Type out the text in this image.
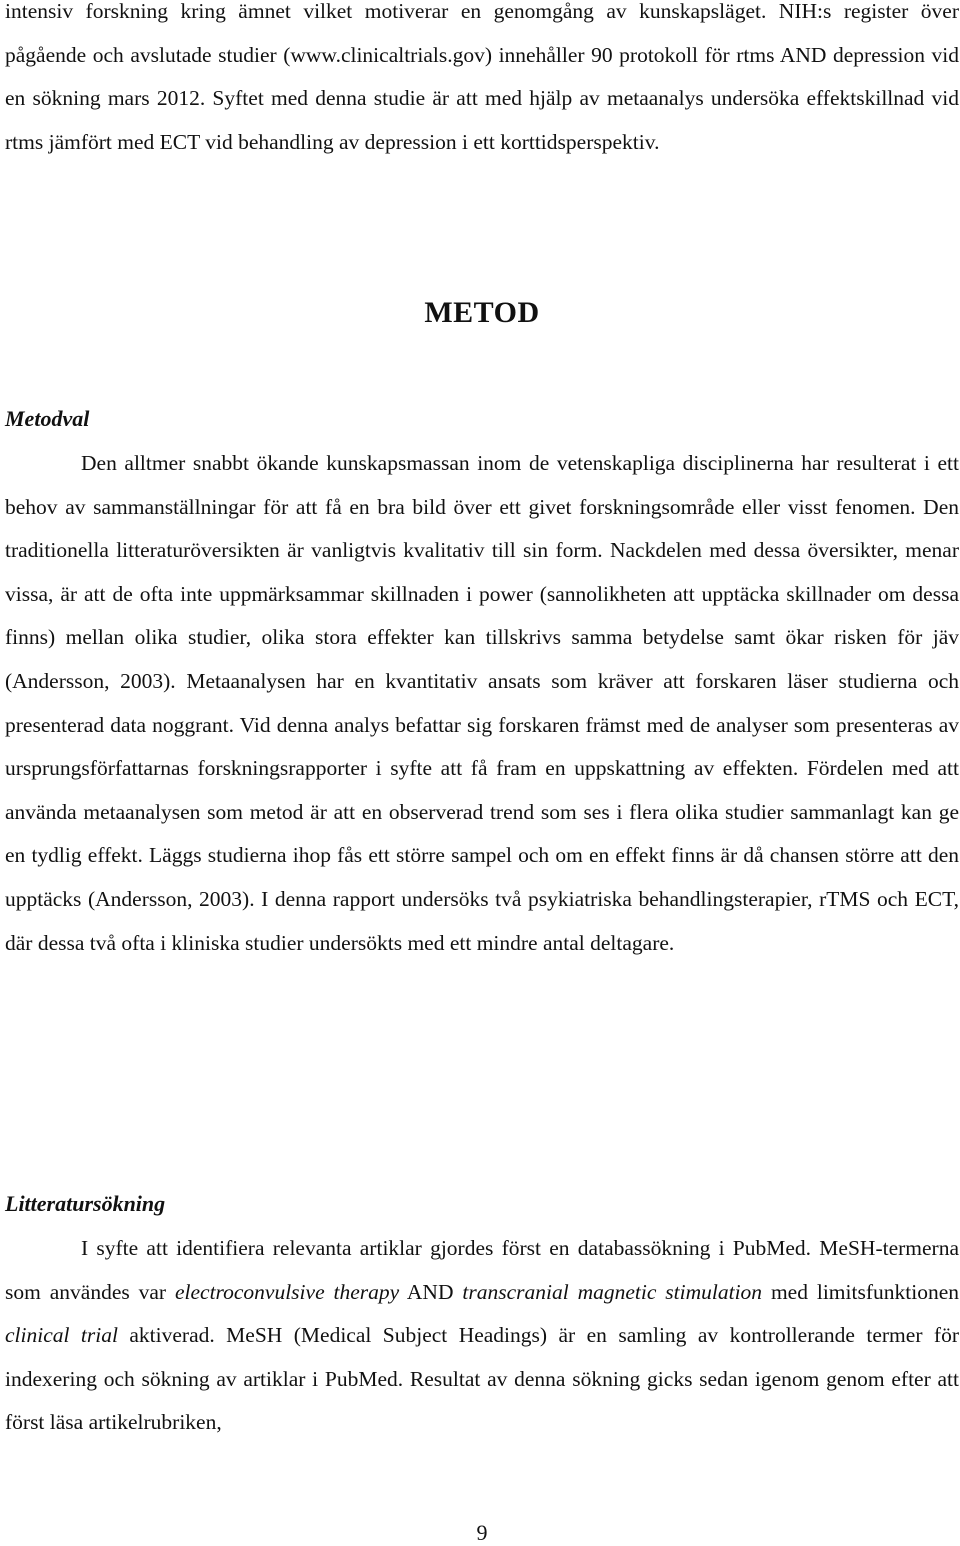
intensiv forskning kring ämnet vilket motiverar en genomgång av kunskapsläget. NIH:s register över pågående och avslutade studier (www.clinicaltrials.gov) innehåller 90 protokoll för rtms AND depression vid en sökning mars 2012. Syftet med denna studie är att med hjälp av metaanalys undersöka effektskillnad vid rtms jämfört med ECT vid behandling av depression i ett korttidsperspektiv.

METOD
Metodval

Den alltmer snabbt ökande kunskapsmassan inom de vetenskapliga disciplinerna har resulterat i ett behov av sammanställningar för att få en bra bild över ett givet forskningsområde eller visst fenomen. Den traditionella litteraturöversikten är vanligtvis kvalitativ till sin form. Nackdelen med dessa översikter, menar vissa, är att de ofta inte uppmärksammar skillnaden i power (sannolikheten att upptäcka skillnader om dessa finns) mellan olika studier, olika stora effekter kan tillskrivs samma betydelse samt ökar risken för jäv (Andersson, 2003). Metaanalysen har en kvantitativ ansats som kräver att forskaren läser studierna och presenterad data noggrant. Vid denna analys befattar sig forskaren främst med de analyser som presenteras av ursprungsförfattarnas forskningsrapporter i syfte att få fram en uppskattning av effekten. Fördelen med att använda metaanalysen som metod är att en observerad trend som ses i flera olika studier sammanlagt kan ge en tydlig effekt. Läggs studierna ihop fås ett större sampel och om en effekt finns är då chansen större att den upptäcks (Andersson, 2003). I denna rapport undersöks två psykiatriska behandlingsterapier, rTMS och ECT, där dessa två ofta i kliniska studier undersökts med ett mindre antal deltagare.

Litteratursökning

I syfte att identifiera relevanta artiklar gjordes först en databassökning i PubMed. MeSH-termerna som användes var electroconvulsive therapy AND transcranial magnetic stimulation med limitsfunktionen clinical trial aktiverad. MeSH (Medical Subject Headings) är en samling av kontrollerande termer för indexering och sökning av artiklar i PubMed. Resultat av denna sökning gicks sedan igenom genom efter att först läsa artikelrubriken,

9
